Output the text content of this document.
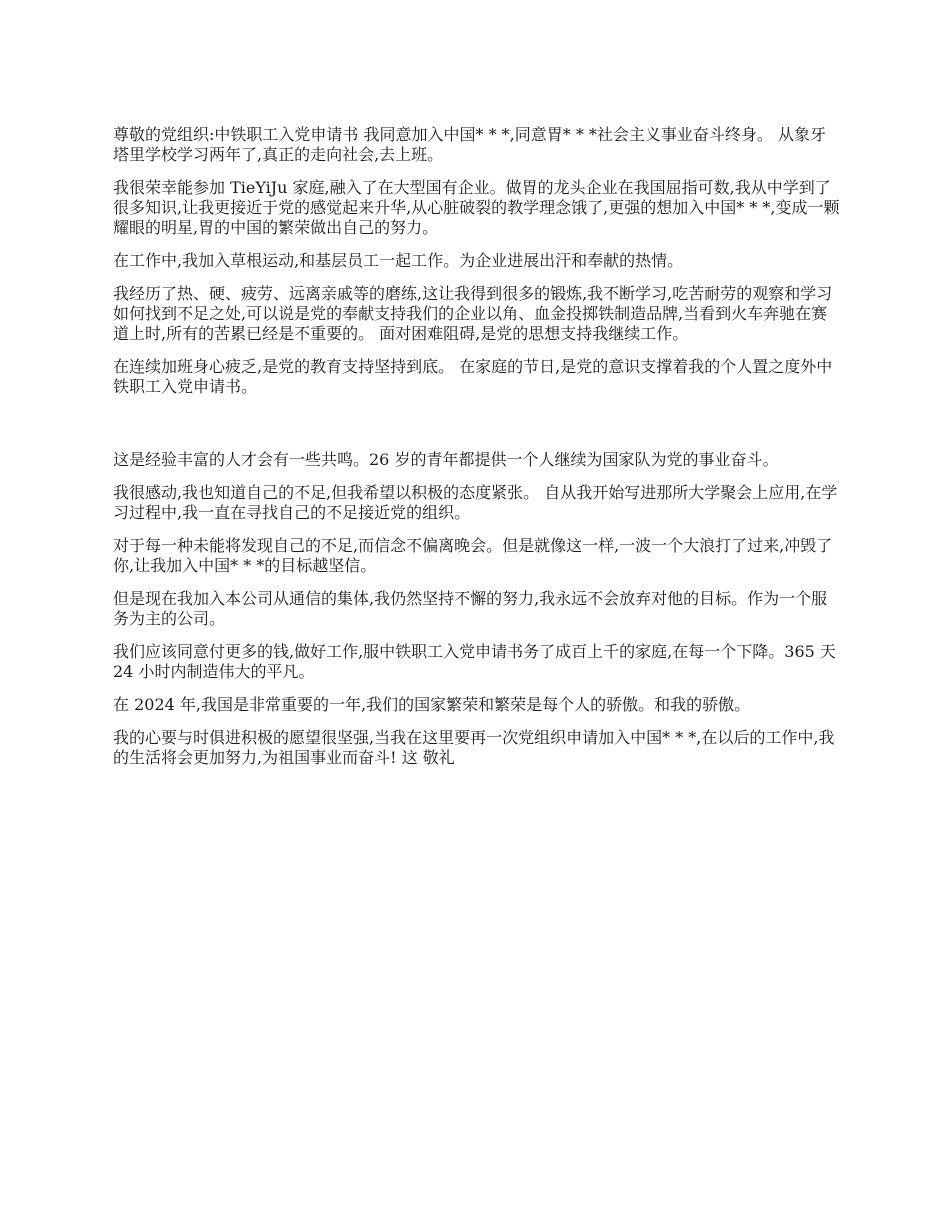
尊敬的党组织:中铁职工入党申请书 我同意加入中国* * *,同意胃* * *社会主义事业奋斗终身。 从象牙塔里学校学习两年了,真正的走向社会,去上班。

我很荣幸能参加 TieYiJu 家庭,融入了在大型国有企业。做胃的龙头企业在我国屈指可数,我从中学到了很多知识,让我更接近于党的感觉起来升华,从心脏破裂的教学理念饿了,更强的想加入中国* * *,变成一颗耀眼的明星,胃的中国的繁荣做出自己的努力。

在工作中,我加入草根运动,和基层员工一起工作。为企业进展出汗和奉献的热情。

我经历了热、硬、疲劳、远离亲戚等的磨练,这让我得到很多的锻炼,我不断学习,吃苦耐劳的观察和学习如何找到不足之处,可以说是党的奉献支持我们的企业以角、血金投掷铁制造品牌,当看到火车奔驰在赛道上时,所有的苦累已经是不重要的。 面对困难阻碍,是党的思想支持我继续工作。

在连续加班身心疲乏,是党的教育支持坚持到底。 在家庭的节日,是党的意识支撑着我的个人置之度外中铁职工入党申请书。

这是经验丰富的人才会有一些共鸣。26 岁的青年都提供一个人继续为国家队为党的事业奋斗。

我很感动,我也知道自己的不足,但我希望以积极的态度紧张。 自从我开始写进那所大学聚会上应用,在学习过程中,我一直在寻找自己的不足接近党的组织。

对于每一种未能将发现自己的不足,而信念不偏离晚会。但是就像这一样,一波一个大浪打了过来,冲毁了你,让我加入中国* * *的目标越坚信。

但是现在我加入本公司从通信的集体,我仍然坚持不懈的努力,我永远不会放弃对他的目标。作为一个服务为主的公司。

我们应该同意付更多的钱,做好工作,服中铁职工入党申请书务了成百上千的家庭,在每一个下降。365 天 24 小时内制造伟大的平凡。

在 2024 年,我国是非常重要的一年,我们的国家繁荣和繁荣是每个人的骄傲。和我的骄傲。

我的心要与时俱进积极的愿望很坚强,当我在这里要再一次党组织申请加入中国* * *,在以后的工作中,我的生活将会更加努力,为祖国事业而奋斗! 这 敬礼
